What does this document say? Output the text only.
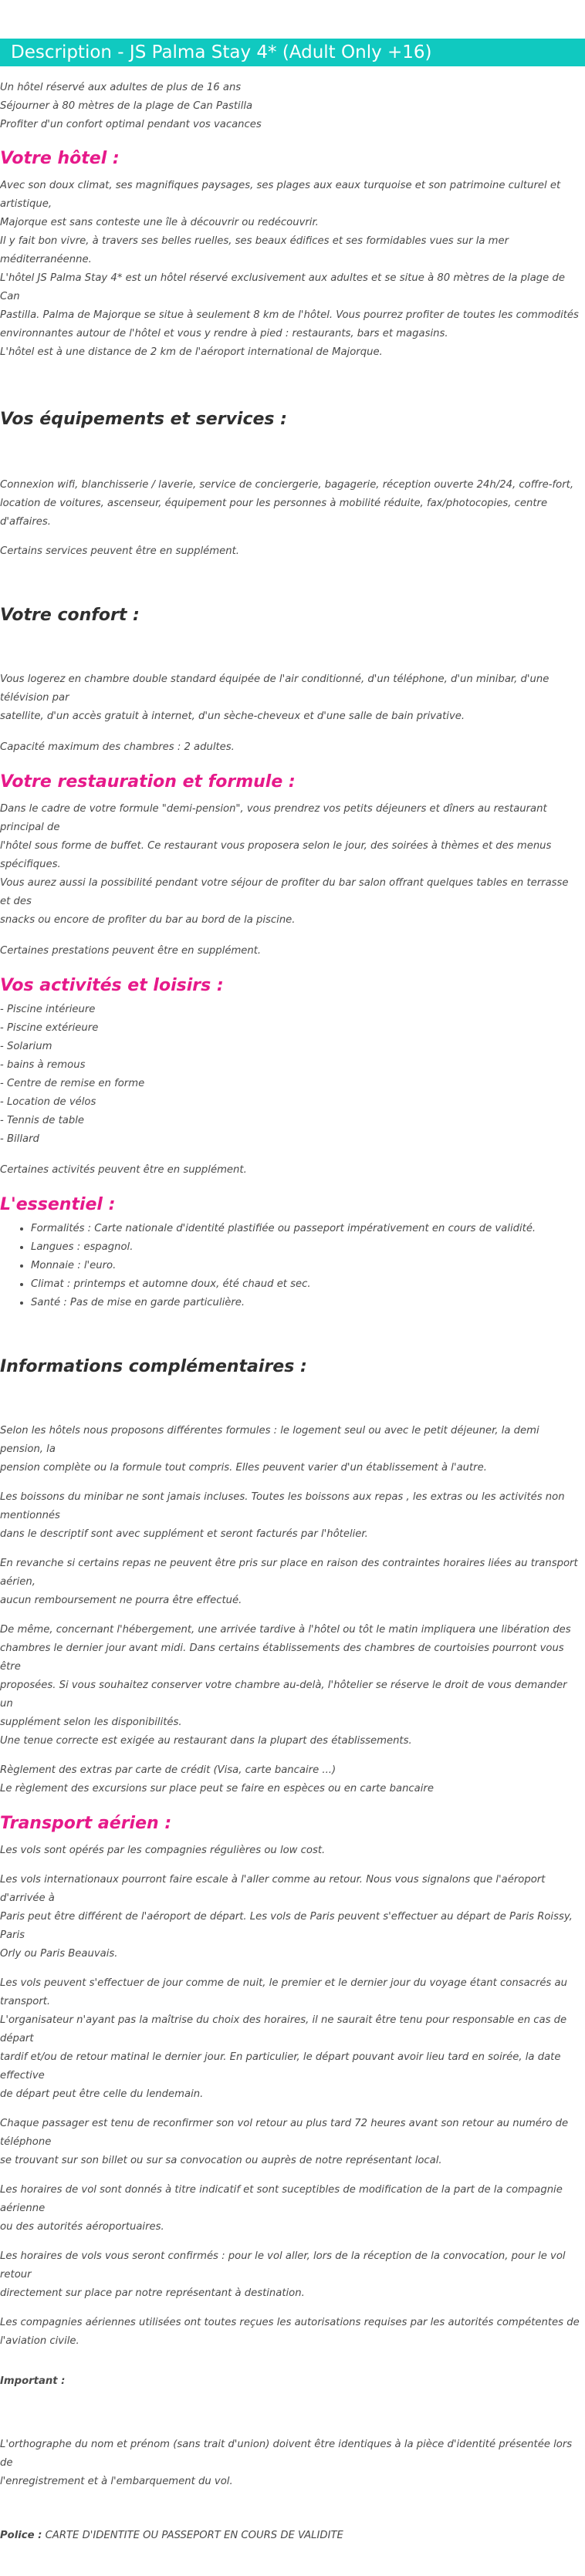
Description - JS Palma Stay 4* (Adult Only +16)

Un hôtel réservé aux adultes de plus de 16 ans

Séjourner à 80 mètres de la plage de Can Pastilla

Profiter d'un confort optimal pendant vos vacances

Votre hôtel :

Avec son doux climat, ses magnifiques paysages, ses plages aux eaux turquoise et son patrimoine culturel et artistique,

Majorque est sans conteste une île à découvrir ou redécouvrir.

Il y fait bon vivre, à travers ses belles ruelles, ses beaux édifices et ses formidables vues sur la mer méditerranéenne.

L'hôtel JS Palma Stay 4* est un hôtel réservé exclusivement aux adultes et se situe à 80 mètres de la plage de Can

Pastilla. Palma de Majorque se situe à seulement 8 km de l'hôtel. Vous pourrez profiter de toutes les commodités

environnantes autour de l'hôtel et vous y rendre à pied : restaurants, bars et magasins.

L'hôtel est à une distance de 2 km de l'aéroport international de Majorque.

Vos équipements et services :

Connexion wifi, blanchisserie / laverie, service de conciergerie, bagagerie, réception ouverte 24h/24, coffre-fort,

location de voitures, ascenseur, équipement pour les personnes à mobilité réduite, fax/photocopies, centre d'affaires.

Certains services peuvent être en supplément.

Votre confort :

Vous logerez en chambre double standard équipée de l'air conditionné, d'un téléphone, d'un minibar, d'une télévision par

satellite, d'un accès gratuit à internet, d'un sèche-cheveux et d'une salle de bain privative.

Capacité maximum des chambres : 2 adultes.

Votre restauration et formule :

Dans le cadre de votre formule "demi-pension", vous prendrez vos petits déjeuners et dîners au restaurant principal de

l'hôtel sous forme de buffet. Ce restaurant vous proposera selon le jour, des soirées à thèmes et des menus spécifiques.

Vous aurez aussi la possibilité pendant votre séjour de profiter du bar salon offrant quelques tables en terrasse et des

snacks ou encore de profiter du bar au bord de la piscine.

Certaines prestations peuvent être en supplément.

Vos activités et loisirs :

- Piscine intérieure

- Piscine extérieure

- Solarium

- bains à remous

- Centre de remise en forme

- Location de vélos

- Tennis de table

- Billard

Certaines activités peuvent être en supplément.

L'essentiel :
• Formalités : Carte nationale d'identité plastifiée ou passeport impérativement en cours de validité.
• Langues : espagnol.
• Monnaie : l'euro.
• Climat : printemps et automne doux, été chaud et sec.
• Santé : Pas de mise en garde particulière.
Informations complémentaires :

Selon les hôtels nous proposons différentes formules : le logement seul ou avec le petit déjeuner, la demi pension, la

pension complète ou la formule tout compris. Elles peuvent varier d'un établissement à l'autre.

Les boissons du minibar ne sont jamais incluses. Toutes les boissons aux repas , les extras ou les activités non mentionnés

dans le descriptif sont avec supplément et seront facturés par l'hôtelier.

En revanche si certains repas ne peuvent être pris sur place en raison des contraintes horaires liées au transport aérien,

aucun remboursement ne pourra être effectué.

De même, concernant l'hébergement, une arrivée tardive à l'hôtel ou tôt le matin impliquera une libération des

chambres le dernier jour avant midi. Dans certains établissements des chambres de courtoisies pourront vous être

proposées. Si vous souhaitez conserver votre chambre au-delà, l'hôtelier se réserve le droit de vous demander un

supplément selon les disponibilités.

Une tenue correcte est exigée au restaurant dans la plupart des établissements.

Règlement des extras par carte de crédit (Visa, carte bancaire ...)

Le règlement des excursions sur place peut se faire en espèces ou en carte bancaire

Transport aérien :

Les vols sont opérés par les compagnies régulières ou low cost.

Les vols internationaux pourront faire escale à l'aller comme au retour. Nous vous signalons que l'aéroport d'arrivée à

Paris peut être différent de l'aéroport de départ. Les vols de Paris peuvent s'effectuer au départ de Paris Roissy, Paris

Orly ou Paris Beauvais.

Les vols peuvent s'effectuer de jour comme de nuit, le premier et le dernier jour du voyage étant consacrés au transport.

L'organisateur n'ayant pas la maîtrise du choix des horaires, il ne saurait être tenu pour responsable en cas de départ

tardif et/ou de retour matinal le dernier jour. En particulier, le départ pouvant avoir lieu tard en soirée, la date effective

de départ peut être celle du lendemain.

Chaque passager est tenu de reconfirmer son vol retour au plus tard 72 heures avant son retour au numéro de téléphone

se trouvant sur son billet ou sur sa convocation ou auprès de notre représentant local.

Les horaires de vol sont donnés à titre indicatif et sont suceptibles de modification de la part de la compagnie aérienne

ou des autorités aéroportuaires.

Les horaires de vols vous seront confirmés : pour le vol aller, lors de la réception de la convocation, pour le vol retour

directement sur place par notre représentant à destination.

Les compagnies aériennes utilisées ont toutes reçues les autorisations requises par les autorités compétentes de

l'aviation civile.

Important :

L'orthographe du nom et prénom (sans trait d'union) doivent être identiques à la pièce d'identité présentée lors de

l'enregistrement et à l'embarquement du vol.

Police : CARTE D'IDENTITE OU PASSEPORT EN COURS DE VALIDITE
